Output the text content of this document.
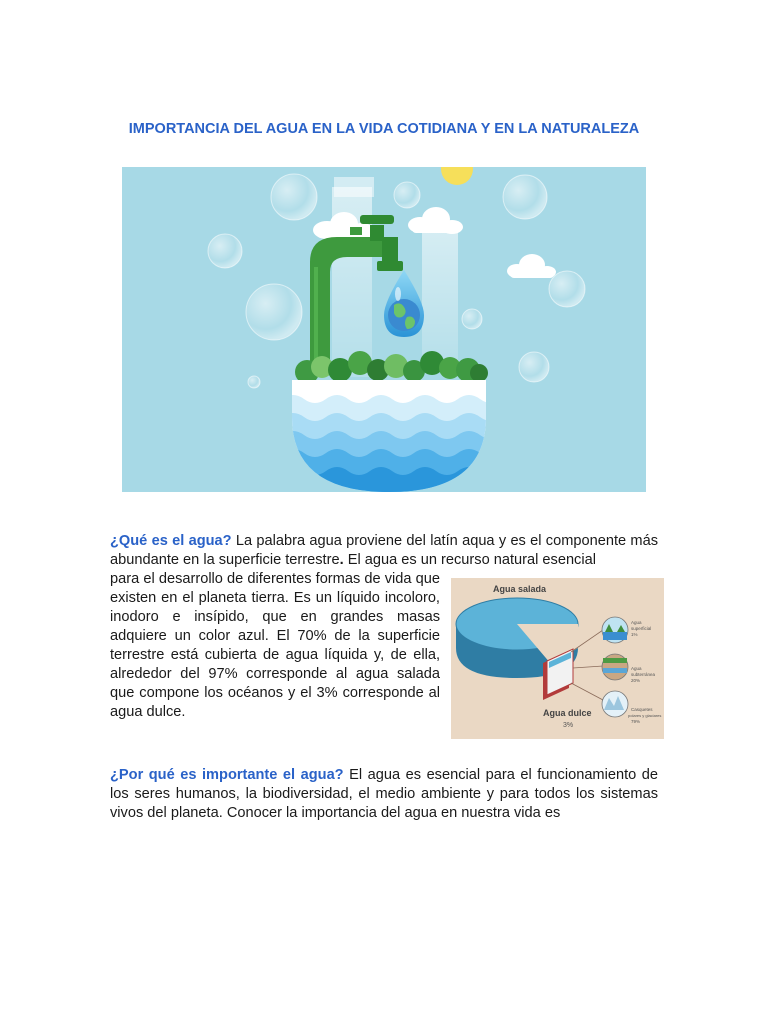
IMPORTANCIA DEL AGUA EN LA VIDA COTIDIANA Y EN LA NATURALEZA
¿Qué es el agua? La palabra agua proviene del latín aqua y es el componente más abundante en la superficie terrestre. El agua es un recurso natural esencial
para el desarrollo de diferentes formas de vida que existen en el planeta tierra. Es un líquido incoloro, inodoro e insípido, que en grandes masas adquiere un color azul. El 70% de la superficie terrestre está cubierta de agua líquida y, de ella, alrededor del 97% corresponde al agua salada que compone los océanos y el 3% corresponde al agua dulce.
Agua salada
Agua
superficial
1%
Agua
subterránea
20%
Casquetes
polares y glaciares
79%
Agua dulce
3%
¿Por qué es importante el agua? El agua es esencial para el funcionamiento de los seres humanos, la biodiversidad, el medio ambiente y para todos los sistemas vivos del planeta. Conocer la importancia del agua en nuestra vida es
